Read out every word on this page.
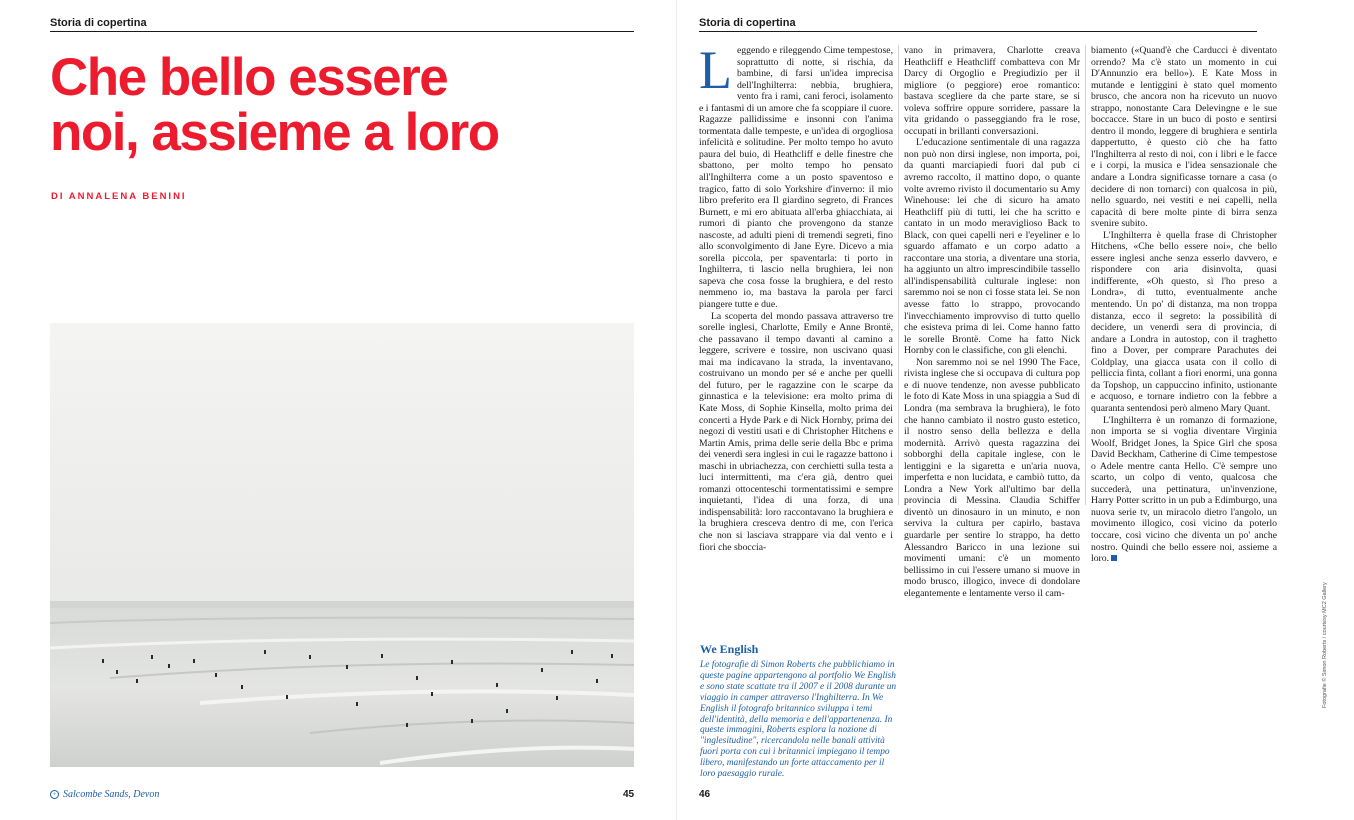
Storia di copertina
Che bello essere
noi, assieme a loro
DI ANNALENA BENINI
+ Salcombe Sands, Devon	45
Storia di copertina

Leggendo e rileggendo Cime tempestose, soprattutto di notte, si rischia, da bambine, di farsi un'idea imprecisa dell'Inghilterra: nebbia, brughiera, vento fra i rami, cani feroci, isolamento e i fantasmi di un amore che fa scoppiare il cuore. Ragazze pallidissime e insonni con l'anima tormentata dalle tempeste, e un'idea di orgogliosa infelicità e solitudine. Per molto tempo ho avuto paura del buio, di Heathcliff e delle finestre che sbattono, per molto tempo ho pensato all'Inghilterra come a un posto spaventoso e tragico, fatto di solo Yorkshire d'inverno: il mio libro preferito era Il giardino segreto, di Frances Burnett, e mi ero abituata all'erba ghiacchiata, ai rumori di pianto che provengono da stanze nascoste, ad adulti pieni di tremendi segreti, fino allo sconvolgimento di Jane Eyre. Dicevo a mia sorella piccola, per spaventarla: ti porto in Inghilterra, ti lascio nella brughiera, lei non sapeva che cosa fosse la brughiera, e del resto nemmeno io, ma bastava la parola per farci piangere tutte e due.

La scoperta del mondo passava attraverso tre sorelle inglesi, Charlotte, Emily e Anne Brontë, che passavano il tempo davanti al camino a leggere, scrivere e tossire, non uscivano quasi mai ma indicavano la strada, la inventavano, costruivano un mondo per sé e anche per quelli del futuro, per le ragazzine con le scarpe da ginnastica e la televisione: era molto prima di Kate Moss, di Sophie Kinsella, molto prima dei concerti a Hyde Park e di Nick Hornby, prima dei negozi di vestiti usati e di Christopher Hitchens e Martin Amis, prima delle serie della Bbc e prima dei venerdì sera inglesi in cui le ragazze battono i maschi in ubriachezza, con cerchietti sulla testa a luci intermittenti, ma c'era già, dentro quei romanzi ottocenteschi tormentatissimi e sempre inquietanti, l'idea di una forza, di una indispensabilità: loro raccontavano la brughiera e la brughiera cresceva dentro di me, con l'erica che non si lasciava strappare via dal vento e i fiori che sboccia-

vano in primavera, Charlotte creava Heathcliff e Heathcliff combatteva con Mr Darcy di Orgoglio e Pregiudizio per il migliore (o peggiore) eroe romantico: bastava scegliere da che parte stare, se si voleva soffrire oppure sorridere, passare la vita gridando o passeggiando fra le rose, occupati in brillanti conversazioni.

L'educazione sentimentale di una ragazza non può non dirsi inglese, non importa, poi, da quanti marciapiedi fuori dal pub ci avremo raccolto, il mattino dopo, o quante volte avremo rivisto il documentario su Amy Winehouse: lei che di sicuro ha amato Heathcliff più di tutti, lei che ha scritto e cantato in un modo meraviglioso Back to Black, con quei capelli neri e l'eyeliner e lo sguardo affamato e un corpo adatto a raccontare una storia, a diventare una storia, ha aggiunto un altro imprescindibile tassello all'indispensabilità culturale inglese: non saremmo noi se non ci fosse stata lei. Se non avesse fatto lo strappo, provocando l'invecchiamento improvviso di tutto quello che esisteva prima di lei. Come hanno fatto le sorelle Brontë. Come ha fatto Nick Hornby con le classifiche, con gli elenchi.

Non saremmo noi se nel 1990 The Face, rivista inglese che si occupava di cultura pop e di nuove tendenze, non avesse pubblicato le foto di Kate Moss in una spiaggia a Sud di Londra (ma sembrava la brughiera), le foto che hanno cambiato il nostro gusto estetico, il nostro senso della bellezza e della modernità. Arrivò questa ragazzina dei sobborghi della capitale inglese, con le lentiggini e la sigaretta e un'aria nuova, imperfetta e non lucidata, e cambiò tutto, da Londra a New York all'ultimo bar della provincia di Messina. Claudia Schiffer diventò un dinosauro in un minuto, e non serviva la cultura per capirlo, bastava guardarle per sentire lo strappo, ha detto Alessandro Baricco in una lezione sui movimenti umani: c'è un momento bellissimo in cui l'essere umano si muove in modo brusco, illogico, invece di dondolare elegantemente e lentamente verso il cam-

biamento («Quand'è che Carducci è diventato orrendo? Ma c'è stato un momento in cui D'Annunzio era bello»). E Kate Moss in mutande e lentiggini è stato quel momento brusco, che ancora non ha ricevuto un nuovo strappo, nonostante Cara Delevingne e le sue boccacce. Stare in un buco di posto e sentirsi dentro il mondo, leggere di brughiera e sentirla dappertutto, è questo ciò che ha fatto l'Inghilterra al resto di noi, con i libri e le facce e i corpi, la musica e l'idea sensazionale che andare a Londra significasse tornare a casa (o decidere di non tornarci) con qualcosa in più, nello sguardo, nei vestiti e nei capelli, nella capacità di bere molte pinte di birra senza svenire subito.

L'Inghilterra è quella frase di Christopher Hitchens, «Che bello essere noi», che bello essere inglesi anche senza esserlo davvero, e rispondere con aria disinvolta, quasi indifferente, «Oh questo, sì l'ho preso a Londra», di tutto, eventualmente anche mentendo. Un po' di distanza, ma non troppa distanza, ecco il segreto: la possibilità di decidere, un venerdì sera di provincia, di andare a Londra in autostop, con il traghetto fino a Dover, per comprare Parachutes dei Coldplay, una giacca usata con il collo di pelliccia finta, collant a fiori enormi, una gonna da Topshop, un cappuccino infinito, ustionante e acquoso, e tornare indietro con la febbre a quaranta sentendosi però almeno Mary Quant.

L'Inghilterra è un romanzo di formazione, non importa se si voglia diventare Virginia Woolf, Bridget Jones, la Spice Girl che sposa David Beckham, Catherine di Cime tempestose o Adele mentre canta Hello. C'è sempre uno scarto, un colpo di vento, qualcosa che succederà, una pettinatura, un'invenzione, Harry Potter scritto in un pub a Edimburgo, una nuova serie tv, un miracolo dietro l'angolo, un movimento illogico, così vicino da poterlo toccare, così vicino che diventa un po' anche nostro. Quindi che bello essere noi, assieme a loro.

46
We English

Le fotografie di Simon Roberts che pubblichiamo in queste pagine appartengono al portfolio We English e sono state scattate tra il 2007 e il 2008 durante un viaggio in camper attraverso l'Inghilterra. In We English il fotografo britannico sviluppa i temi dell'identità, della memoria e dell'appartenenza. In queste immagini, Roberts esplora la nozione di "inglesitudine", ricercandola nelle banali attività fuori porta con cui i britannici impiegano il tempo libero, manifestando un forte attaccamento per il loro paesaggio rurale.

Fotografie © Simon Roberts / courtesy MC2 Gallery
